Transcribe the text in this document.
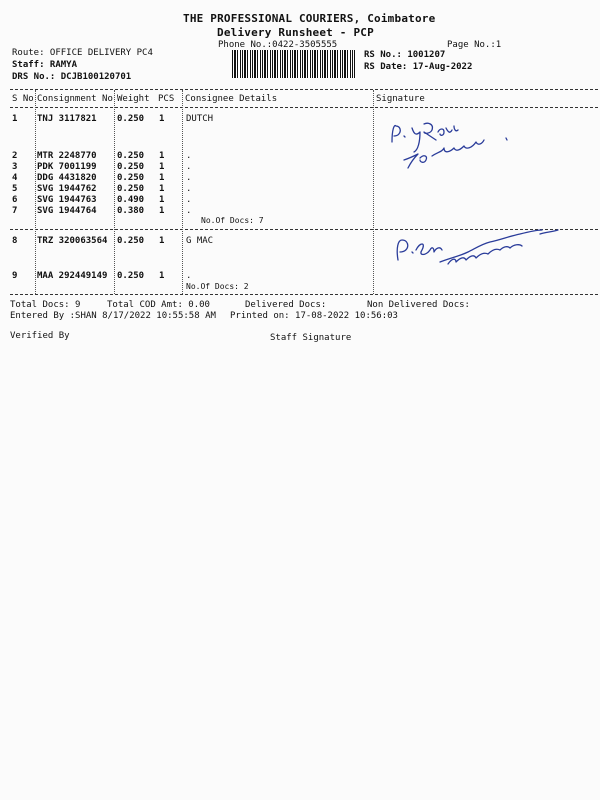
THE PROFESSIONAL COURIERS, Coimbatore
Delivery Runsheet - PCP
Phone No.:0422-3505555	Page No.:1
Route: OFFICE DELIVERY PC4
Staff: RAMYA
DRS No.: DCJB100120701
RS No.: 1001207
RS Date: 17-Aug-2022
S No Consignment No Weight PCS Consignee Details	Signature
1 TNJ 3117821 0.250 1 DUTCH
2 MTR 2248770 0.250 1 .
3 PDK 7001199 0.250 1 .
4 DDG 4431820 0.250 1 .
5 SVG 1944762 0.250 1 .
6 SVG 1944763 0.490 1 .
7 SVG 1944764 0.380 1 .
No.Of Docs: 7
8 TRZ 320063564 0.250 1 G MAC
9 MAA 292449149 0.250 1 .
No.Of Docs: 2
Total Docs: 9	Total COD Amt: 0.00	Delivered Docs:	Non Delivered Docs:
Entered By :SHAN 8/17/2022 10:55:58 AM Printed on: 17-08-2022 10:56:03
Verified By	Staff Signature
